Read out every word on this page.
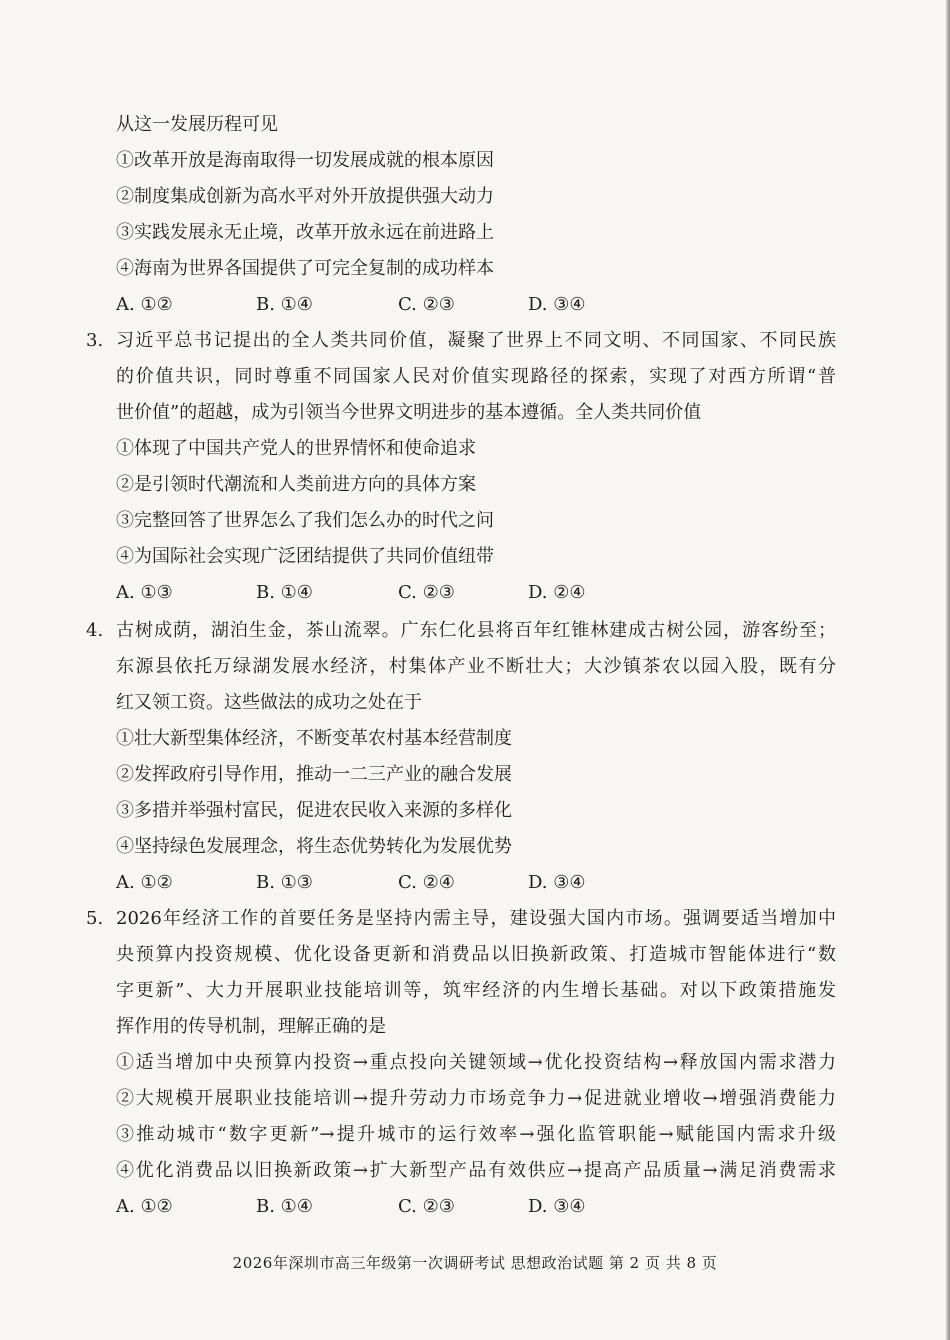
从这一发展历程可见
①改革开放是海南取得一切发展成就的根本原因
②制度集成创新为高水平对外开放提供强大动力
③实践发展永无止境，改革开放永远在前进路上
④海南为世界各国提供了可完全复制的成功样本
A. ①②	B. ①④	C. ②③	D. ③④
3. 习近平总书记提出的全人类共同价值，凝聚了世界上不同文明、不同国家、不同民族
的价值共识，同时尊重不同国家人民对价值实现路径的探索，实现了对西方所谓“普
世价值”的超越，成为引领当今世界文明进步的基本遵循。全人类共同价值
①体现了中国共产党人的世界情怀和使命追求
②是引领时代潮流和人类前进方向的具体方案
③完整回答了世界怎么了我们怎么办的时代之问
④为国际社会实现广泛团结提供了共同价值纽带
A. ①③	B. ①④	C. ②③	D. ②④
4. 古树成荫，湖泊生金，茶山流翠。广东仁化县将百年红锥林建成古树公园，游客纷至；
东源县依托万绿湖发展水经济，村集体产业不断壮大；大沙镇茶农以园入股，既有分
红又领工资。这些做法的成功之处在于
①壮大新型集体经济，不断变革农村基本经营制度
②发挥政府引导作用，推动一二三产业的融合发展
③多措并举强村富民，促进农民收入来源的多样化
④坚持绿色发展理念，将生态优势转化为发展优势
A. ①②	B. ①③	C. ②④	D. ③④
5. 2026年经济工作的首要任务是坚持内需主导，建设强大国内市场。强调要适当增加中
央预算内投资规模、优化设备更新和消费品以旧换新政策、打造城市智能体进行“数
字更新”、大力开展职业技能培训等，筑牢经济的内生增长基础。对以下政策措施发
挥作用的传导机制，理解正确的是
①适当增加中央预算内投资→重点投向关键领域→优化投资结构→释放国内需求潜力
②大规模开展职业技能培训→提升劳动力市场竞争力→促进就业增收→增强消费能力
③推动城市“数字更新”→提升城市的运行效率→强化监管职能→赋能国内需求升级
④优化消费品以旧换新政策→扩大新型产品有效供应→提高产品质量→满足消费需求
A. ①②	B. ①④	C. ②③	D. ③④
2026年深圳市高三年级第一次调研考试 思想政治试题 第 2 页 共 8 页
